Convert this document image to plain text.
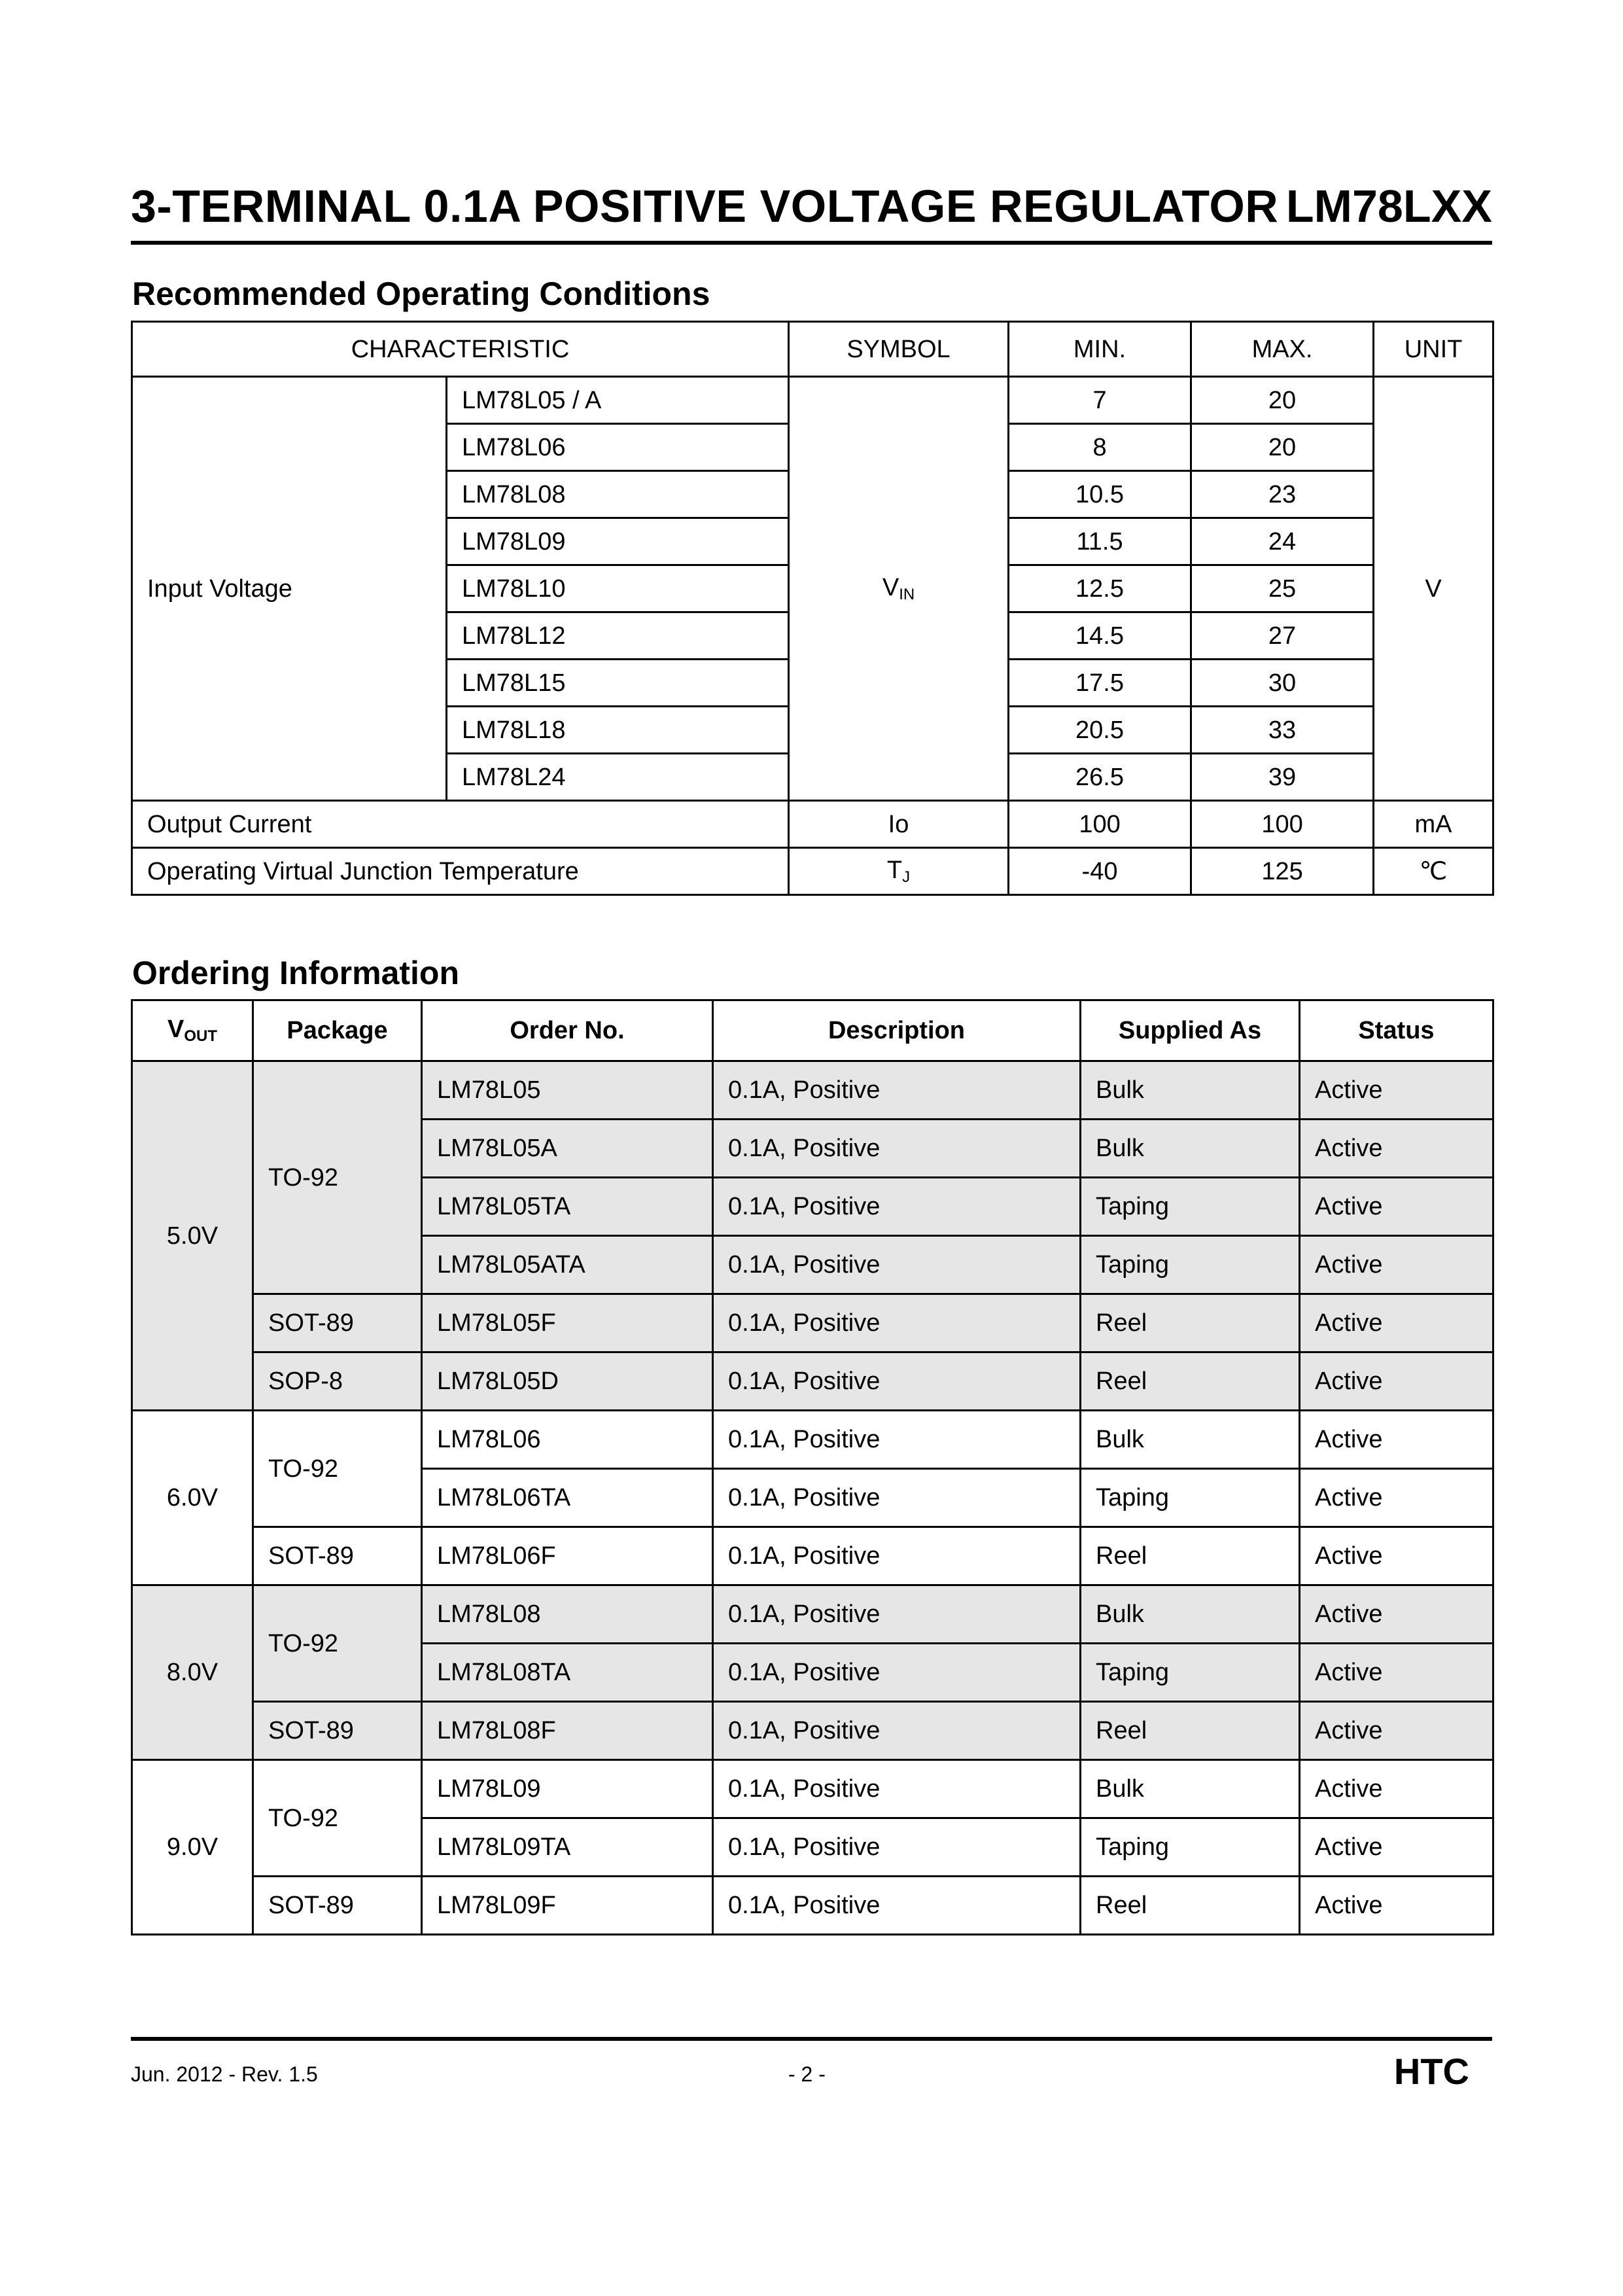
3-TERMINAL 0.1A POSITIVE VOLTAGE REGULATOR LM78LXX
Recommended Operating Conditions
CHARACTERISTIC		SYMBOL	MIN.	MAX.	UNIT
Input Voltage	LM78L05 / A	$V_{IN}$	7	20	V
	LM78L06		8	20	
	LM78L08		10.5	23	
	LM78L09		11.5	24	
	LM78L10		12.5	25	
	LM78L12		14.5	27	
	LM78L15		17.5	30	
	LM78L18		20.5	33	
	LM78L24		26.5	39	
Output Current		Io	100	100	mA
Operating Virtual Junction Temperature		$T_J$	-40	125	℃
Ordering Information
$V_{OUT}$	Package	Order No.	Description	Supplied As	Status
5.0V	TO-92	LM78L05	0.1A, Positive	Bulk	Active
		LM78L05A	0.1A, Positive	Bulk	Active
		LM78L05TA	0.1A, Positive	Taping	Active
		LM78L05ATA	0.1A, Positive	Taping	Active
	SOT-89	LM78L05F	0.1A, Positive	Reel	Active
	SOP-8	LM78L05D	0.1A, Positive	Reel	Active
6.0V	TO-92	LM78L06	0.1A, Positive	Bulk	Active
		LM78L06TA	0.1A, Positive	Taping	Active
	SOT-89	LM78L06F	0.1A, Positive	Reel	Active
8.0V	TO-92	LM78L08	0.1A, Positive	Bulk	Active
		LM78L08TA	0.1A, Positive	Taping	Active
	SOT-89	LM78L08F	0.1A, Positive	Reel	Active
9.0V	TO-92	LM78L09	0.1A, Positive	Bulk	Active
		LM78L09TA	0.1A, Positive	Taping	Active
	SOT-89	LM78L09F	0.1A, Positive	Reel	Active
Jun. 2012 - Rev. 1.5	- 2 -	HTC
